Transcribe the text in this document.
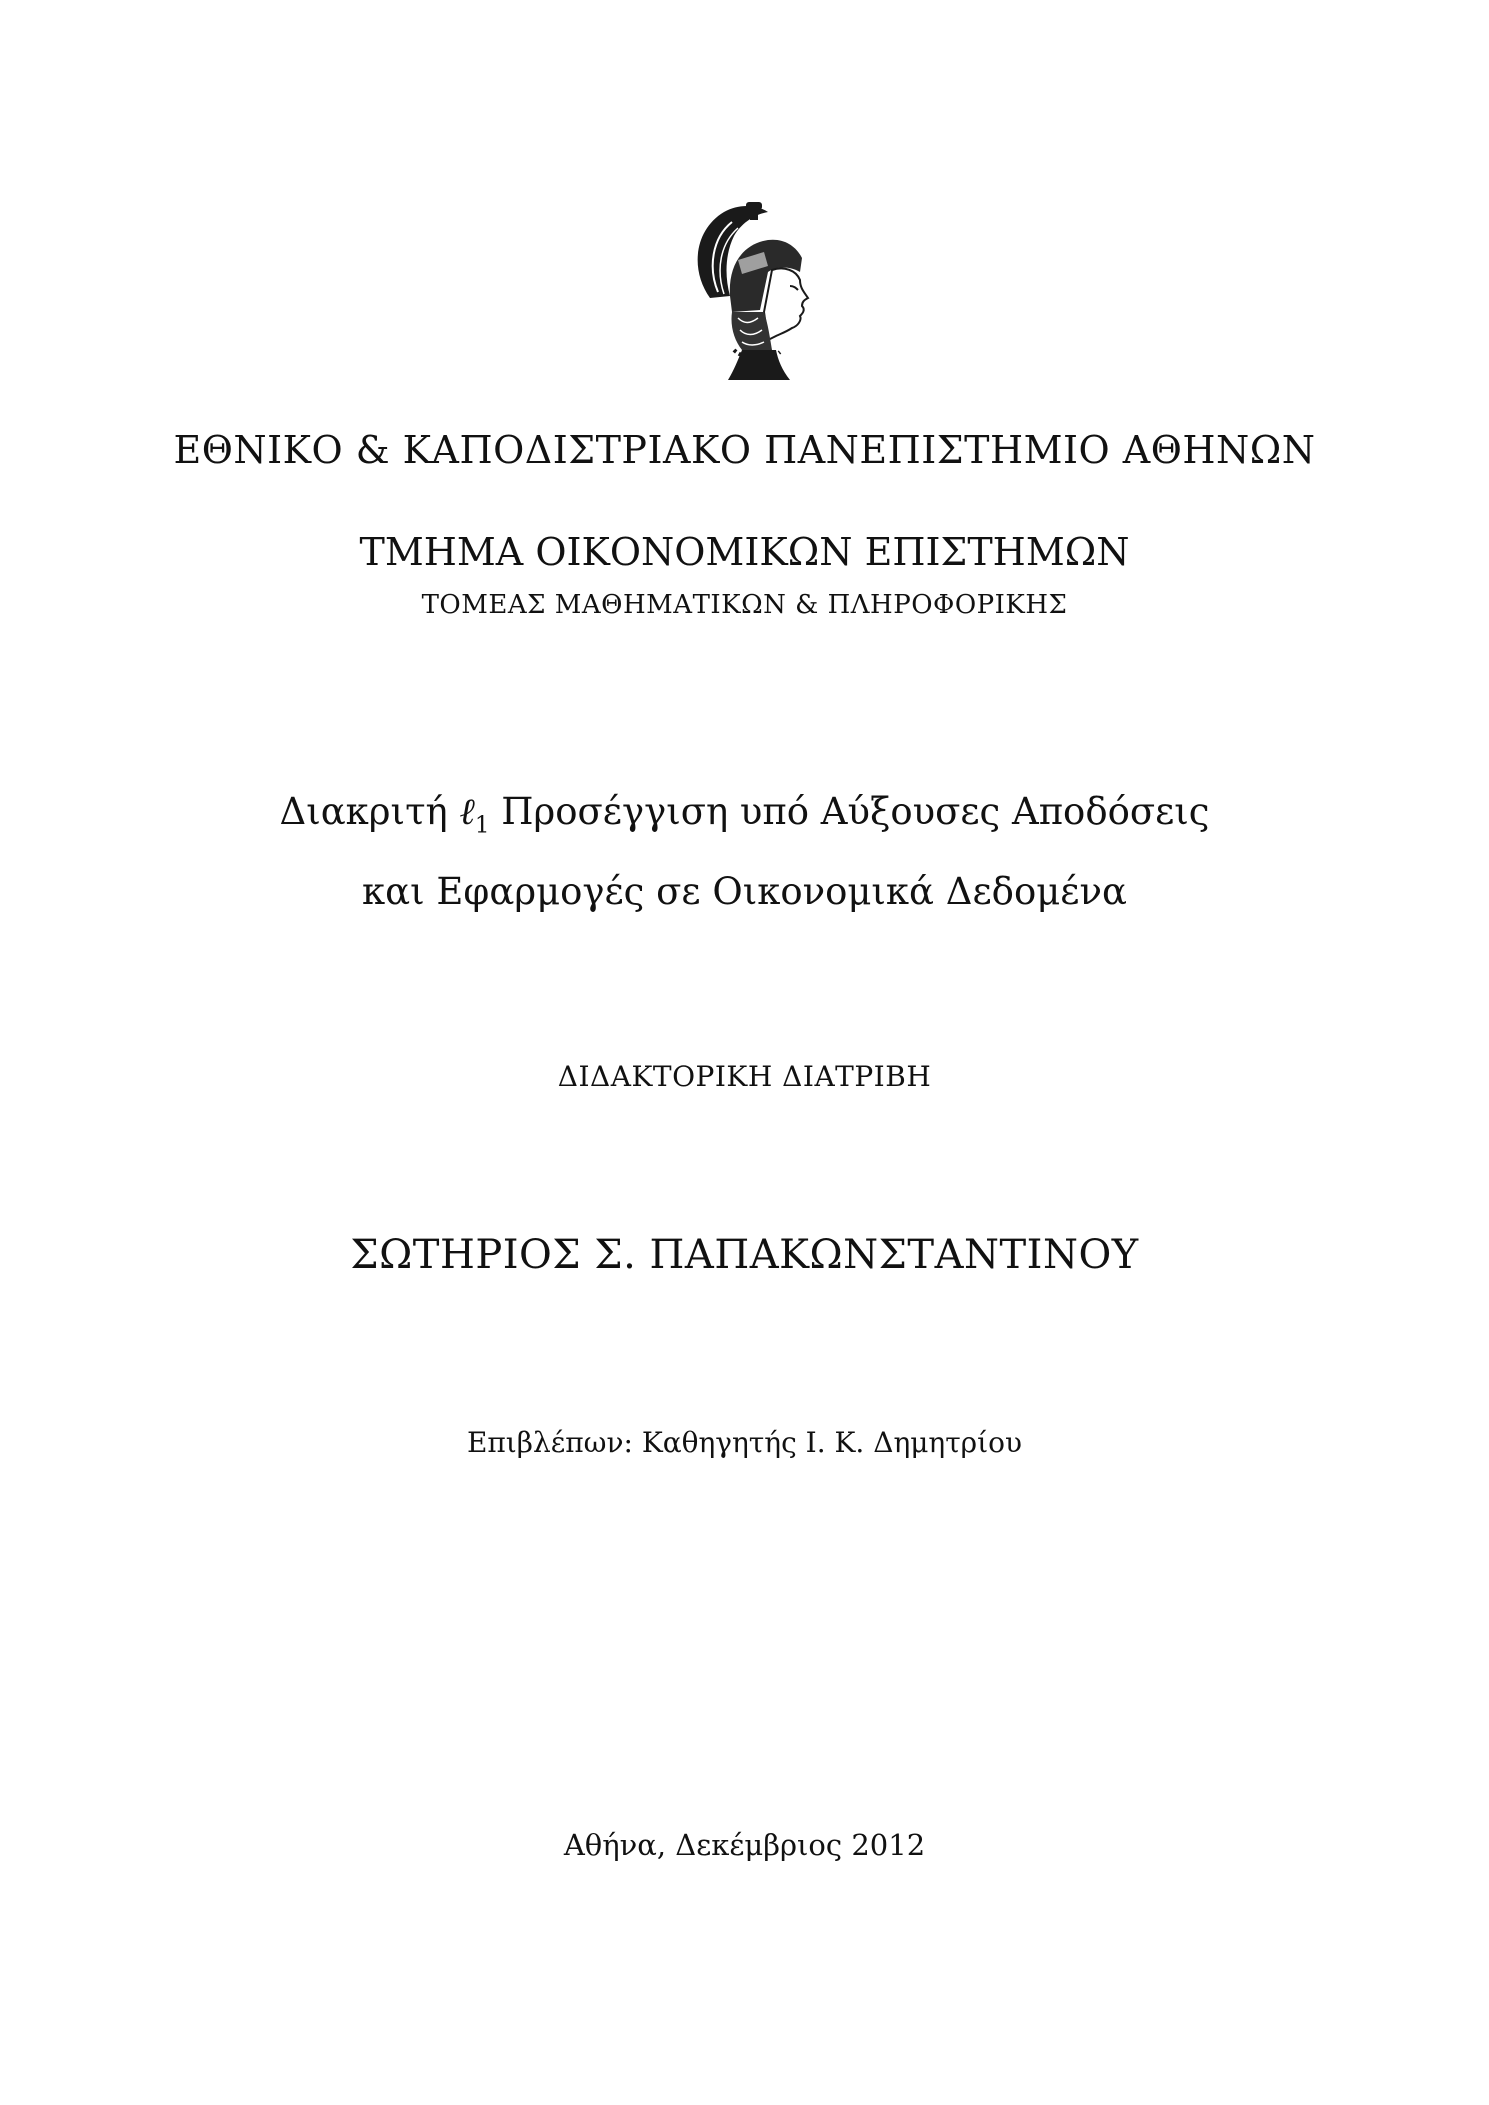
ΕΘΝΙΚΟ & ΚΑΠΟΔΙΣΤΡΙΑΚΟ ΠΑΝΕΠΙΣΤΗΜΙΟ ΑΘΗΝΩΝ
ΤΜΗΜΑ ΟΙΚΟΝΟΜΙΚΩΝ ΕΠΙΣΤΗΜΩΝ
ΤΟΜΕΑΣ ΜΑΘΗΜΑΤΙΚΩΝ & ΠΛΗΡΟΦΟΡΙΚΗΣ
Διακριτή ℓ$_1$ Προσέγγιση υπό Αύξουσες Αποδόσεις
και Εφαρμογές σε Οικονομικά Δεδομένα
ΔΙΔΑΚΤΟΡΙΚΗ ΔΙΑΤΡΙΒΗ
ΣΩΤΗΡΙΟΣ Σ. ΠΑΠΑΚΩΝΣΤΑΝΤΙΝΟΥ
Επιβλέπων: Καθηγητής Ι. Κ. Δημητρίου
Αθήνα, Δεκέμβριος 2012
